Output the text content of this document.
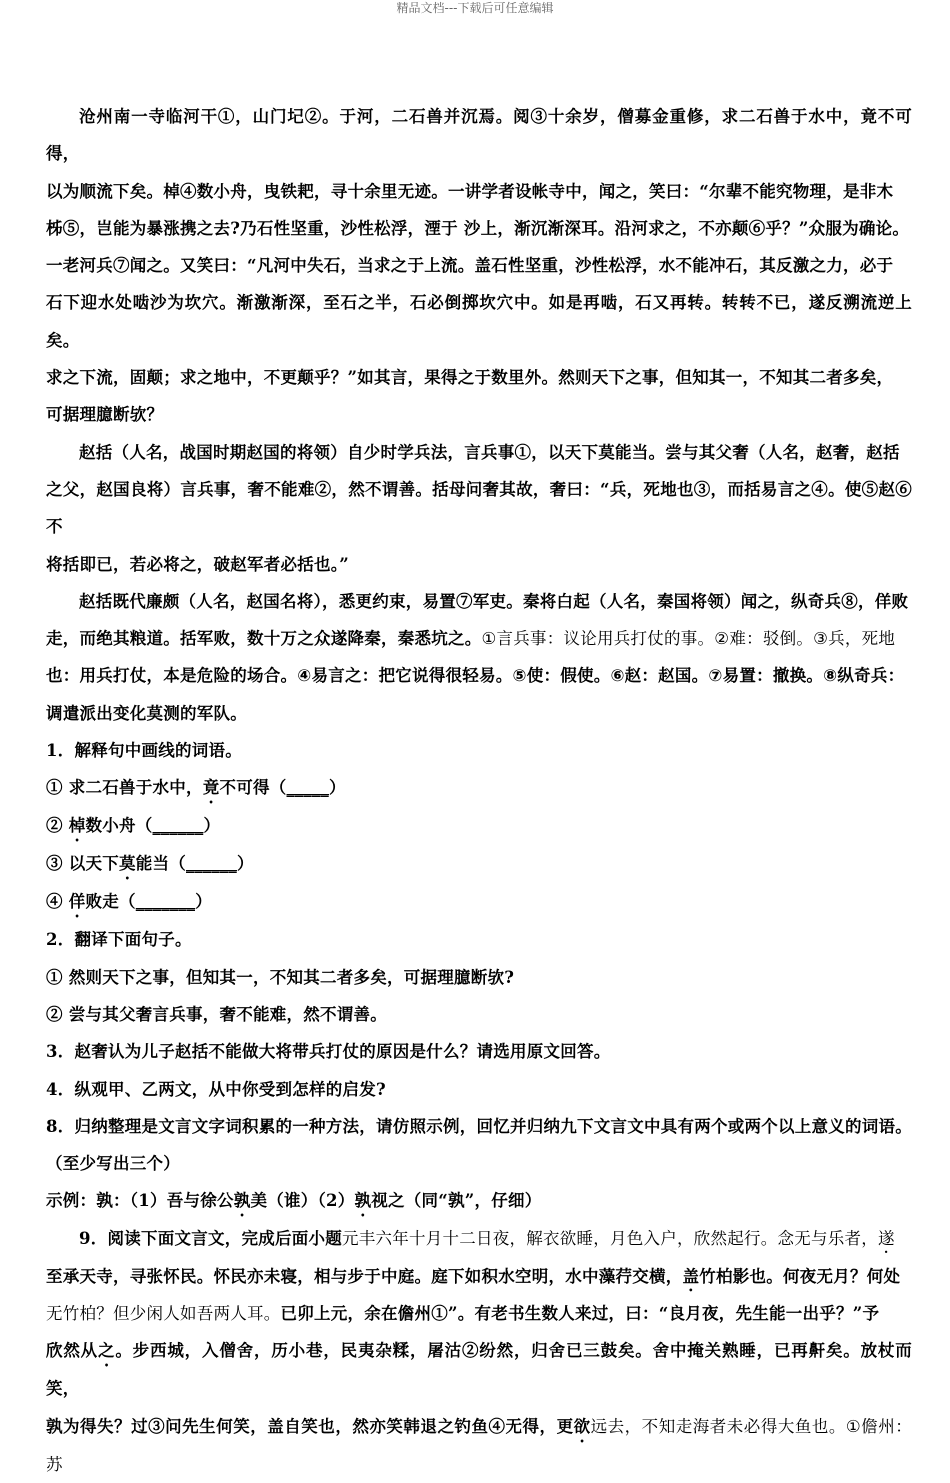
精品文档---下载后可任意编辑

沧州南一寺临河干①，山门圮②。于河，二石兽并沉焉。阅③十余岁，僧募金重修，求二石兽于水中，竟不可得，

以为顺流下矣。棹④数小舟，曳铁耙，寻十余里无迹。一讲学者设帐寺中，闻之，笑曰：“尔辈不能究物理，是非木

柹⑤，岂能为暴涨携之去?乃石性坚重，沙性松浮，湮于 沙上，渐沉渐深耳。沿河求之，不亦颠⑥乎？”众服为确论。

一老河兵⑦闻之。又笑曰：“凡河中失石，当求之于上流。盖石性坚重，沙性松浮，水不能冲石，其反激之力，必于

石下迎水处啮沙为坎穴。渐激渐深，至石之半，石必倒掷坎穴中。如是再啮，石又再转。转转不已，遂反溯流逆上矣。

求之下流，固颠；求之地中，不更颠乎？”如其言，果得之于数里外。然则天下之事，但知其一，不知其二者多矣，

可据理臆断欤？

赵括（人名，战国时期赵国的将领）自少时学兵法，言兵事①，以天下莫能当。尝与其父奢（人名，赵奢，赵括

之父，赵国良将）言兵事，奢不能难②，然不谓善。括母问奢其故，奢曰：“兵，死地也③，而括易言之④。使⑤赵⑥不

将括即已，若必将之，破赵军者必括也。”

赵括既代廉颇（人名，赵国名将），悉更约束，易置⑦军吏。秦将白起（人名，秦国将领）闻之，纵奇兵⑧，佯败

走，而绝其粮道。括军败，数十万之众遂降秦，秦悉坑之。①言兵事：议论用兵打仗的事。②难：驳倒。③兵，死地

也：用兵打仗，本是危险的场合。④易言之：把它说得很轻易。⑤使：假使。⑥赵：赵国。⑦易置：撤换。⑧纵奇兵：

调遣派出变化莫测的军队。

1．解释句中画线的词语。

① 求二石兽于水中，竟不可得（_____）

② 棹数小舟（______）

③ 以天下莫能当（______）

④ 佯败走（_______）

2．翻译下面句子。

① 然则天下之事，但知其一，不知其二者多矣，可据理臆断欤?

② 尝与其父奢言兵事，奢不能难，然不谓善。

3．赵奢认为儿子赵括不能做大将带兵打仗的原因是什么？请选用原文回答。

4．纵观甲、乙两文，从中你受到怎样的启发?

8．归纳整理是文言文字词积累的一种方法，请仿照示例，回忆并归纳九下文言文中具有两个或两个以上意义的词语。

（至少写出三个）

示例：孰：（1）吾与徐公孰美（谁）（2）孰视之（同“孰”，仔细）

9．阅读下面文言文，完成后面小题元丰六年十月十二日夜，解衣欲睡，月色入户，欣然起行。念无与乐者，遂

至承天寺，寻张怀民。怀民亦未寝，相与步于中庭。庭下如积水空明，水中藻荇交横，盖竹柏影也。何夜无月？何处

无竹柏？但少闲人如吾两人耳。已卯上元，余在儋州①”。有老书生数人来过，曰：“良月夜，先生能一出乎？”予

欣然从之。步西城，入僧舍，历小巷，民夷杂糅，屠沽②纷然，归舍已三鼓矣。舍中掩关熟睡，已再鼾矣。放杖而笑，

孰为得失？过③问先生何笑，盖自笑也，然亦笑韩退之钓鱼④无得，更欲远去，不知走海者未必得大鱼也。①儋州：苏
